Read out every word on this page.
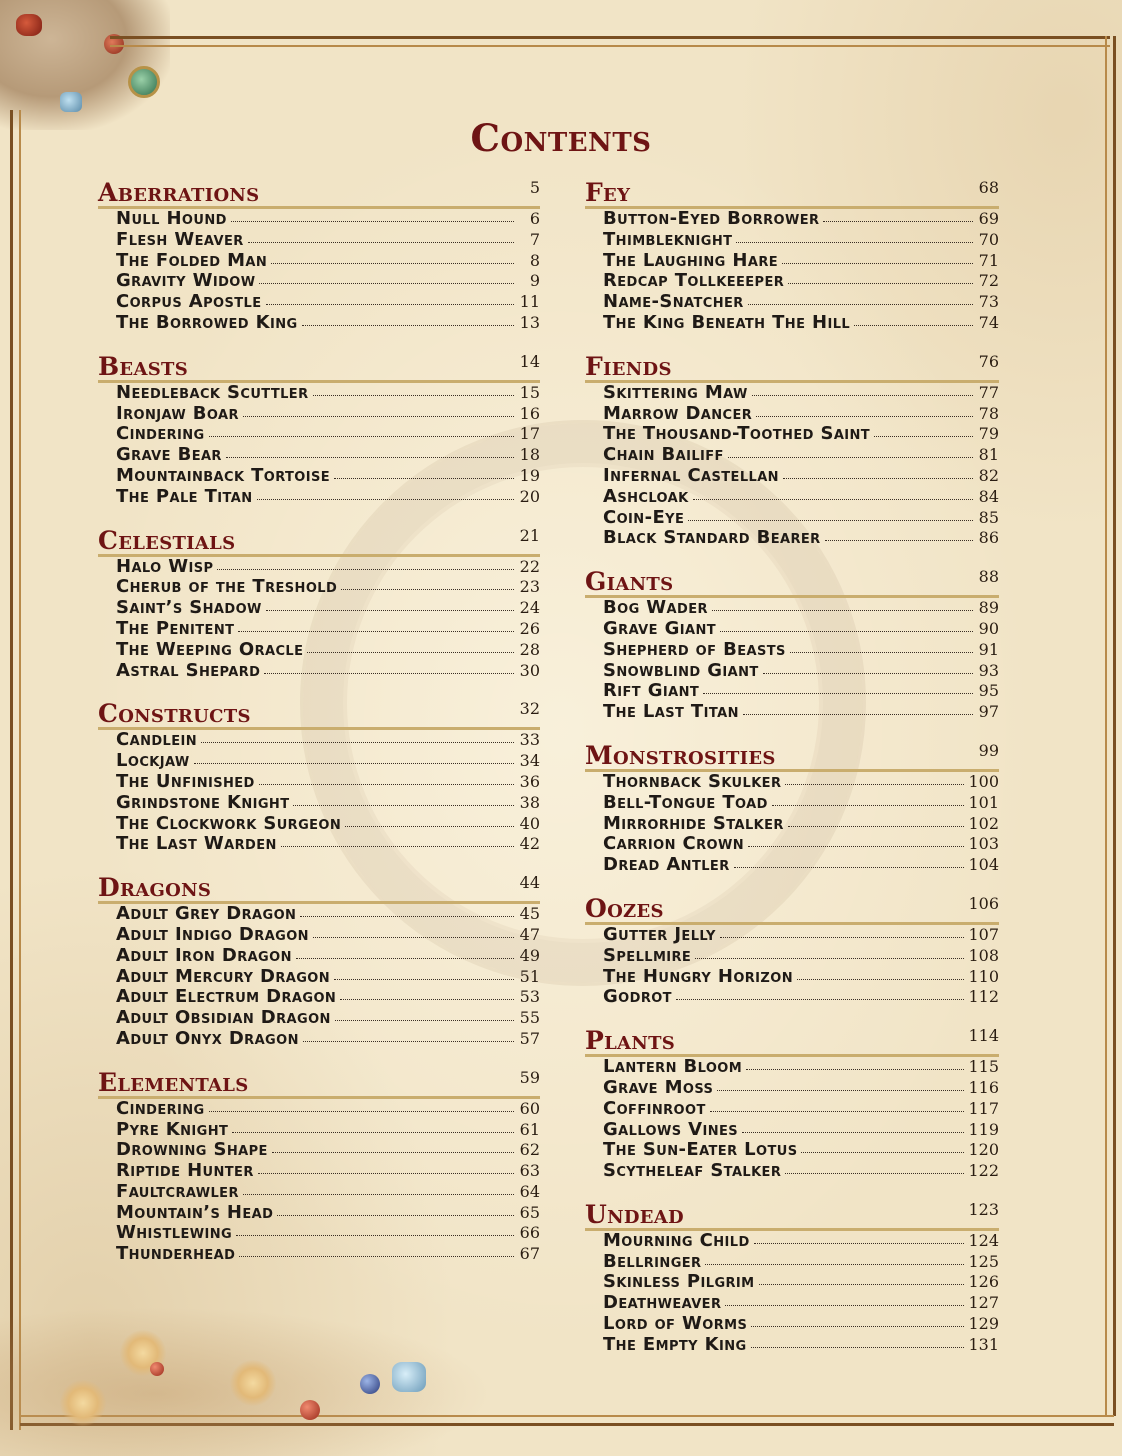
Contents
Aberrations	5
Null Hound	6
Flesh Weaver	7
The Folded Man	8
Gravity Widow	9
Corpus Apostle	11
The Borrowed King	13
Beasts	14
Needleback Scuttler	15
Ironjaw Boar	16
Cindering	17
Grave Bear	18
Mountainback Tortoise	19
The Pale Titan	20
Celestials	21
Halo Wisp	22
Cherub of the Treshold	23
Saint’s Shadow	24
The Penitent	26
The Weeping Oracle	28
Astral Shepard	30
Constructs	32
Candlein	33
Lockjaw	34
The Unfinished	36
Grindstone Knight	38
The Clockwork Surgeon	40
The Last Warden	42
Dragons	44
Adult Grey Dragon	45
Adult Indigo Dragon	47
Adult Iron Dragon	49
Adult Mercury Dragon	51
Adult Electrum Dragon	53
Adult Obsidian Dragon	55
Adult Onyx Dragon	57
Elementals	59
Cindering	60
Pyre Knight	61
Drowning Shape	62
Riptide Hunter	63
Faultcrawler	64
Mountain’s Head	65
Whistlewing	66
Thunderhead	67
Fey	68
Button-Eyed Borrower	69
Thimbleknight	70
The Laughing Hare	71
Redcap Tollkeeeper	72
Name-Snatcher	73
The King Beneath The Hill	74
Fiends	76
Skittering Maw	77
Marrow Dancer	78
The Thousand-Toothed Saint	79
Chain Bailiff	81
Infernal Castellan	82
Ashcloak	84
Coin-Eye	85
Black Standard Bearer	86
Giants	88
Bog Wader	89
Grave Giant	90
Shepherd of Beasts	91
Snowblind Giant	93
Rift Giant	95
The Last Titan	97
Monstrosities	99
Thornback Skulker	100
Bell-Tongue Toad	101
Mirrorhide Stalker	102
Carrion Crown	103
Dread Antler	104
Oozes	106
Gutter Jelly	107
Spellmire	108
The Hungry Horizon	110
Godrot	112
Plants	114
Lantern Bloom	115
Grave Moss	116
Coffinroot	117
Gallows Vines	119
The Sun-Eater Lotus	120
Scytheleaf Stalker	122
Undead	123
Mourning Child	124
Bellringer	125
Skinless Pilgrim	126
Deathweaver	127
Lord of Worms	129
The Empty King	131
